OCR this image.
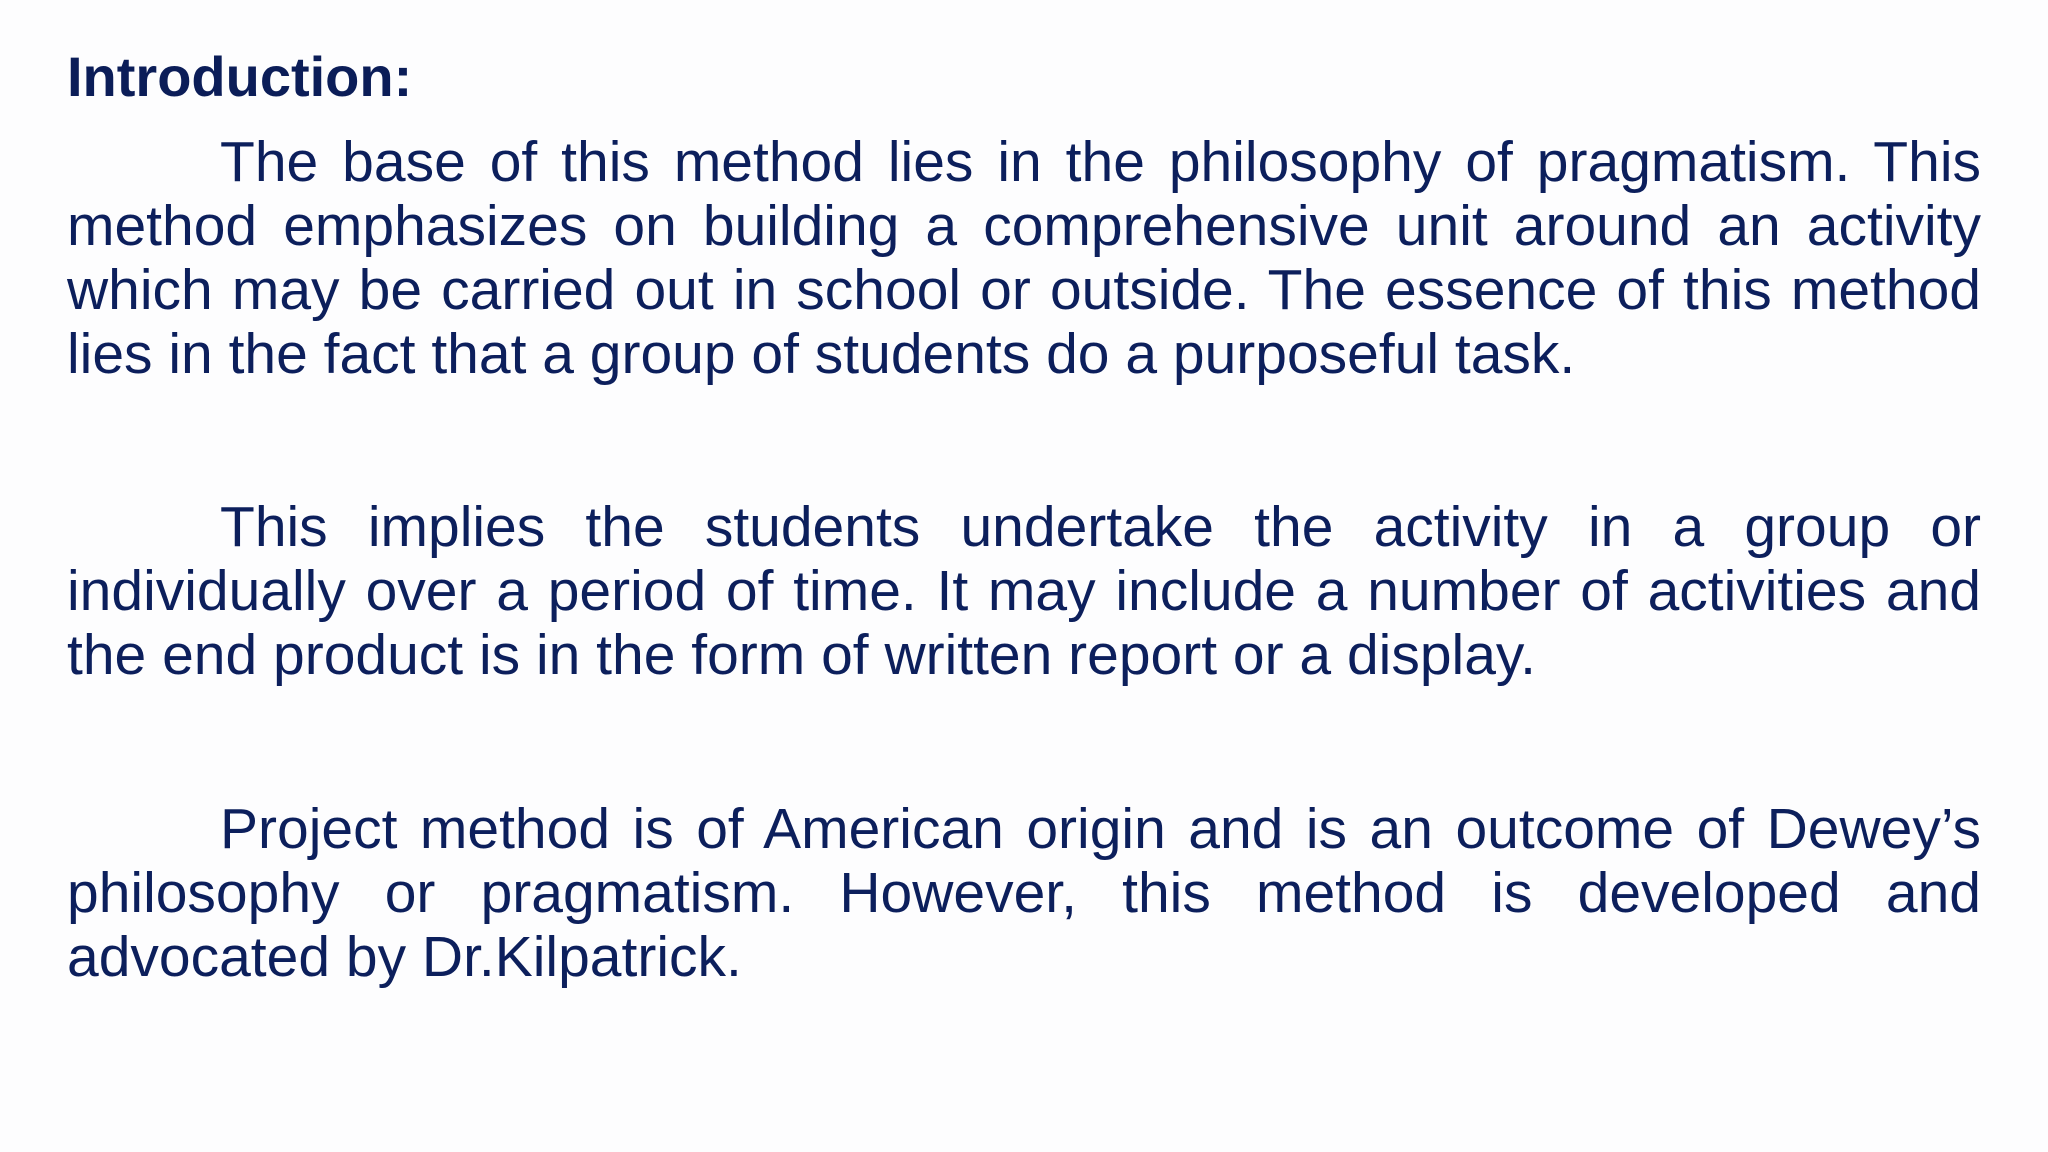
Introduction:

The base of this method lies in the philosophy of pragmatism. This method emphasizes on building a comprehensive unit around an activity which may be carried out in school or outside. The essence of this method lies in the fact that a group of students do a purposeful task.

This implies the students undertake the activity in a group or individually over a period of time. It may include a number of activities and the end product is in the form of written report or a display.

Project method is of American origin and is an outcome of Dewey’s philosophy or pragmatism. However, this method is developed and advocated by Dr.Kilpatrick.
